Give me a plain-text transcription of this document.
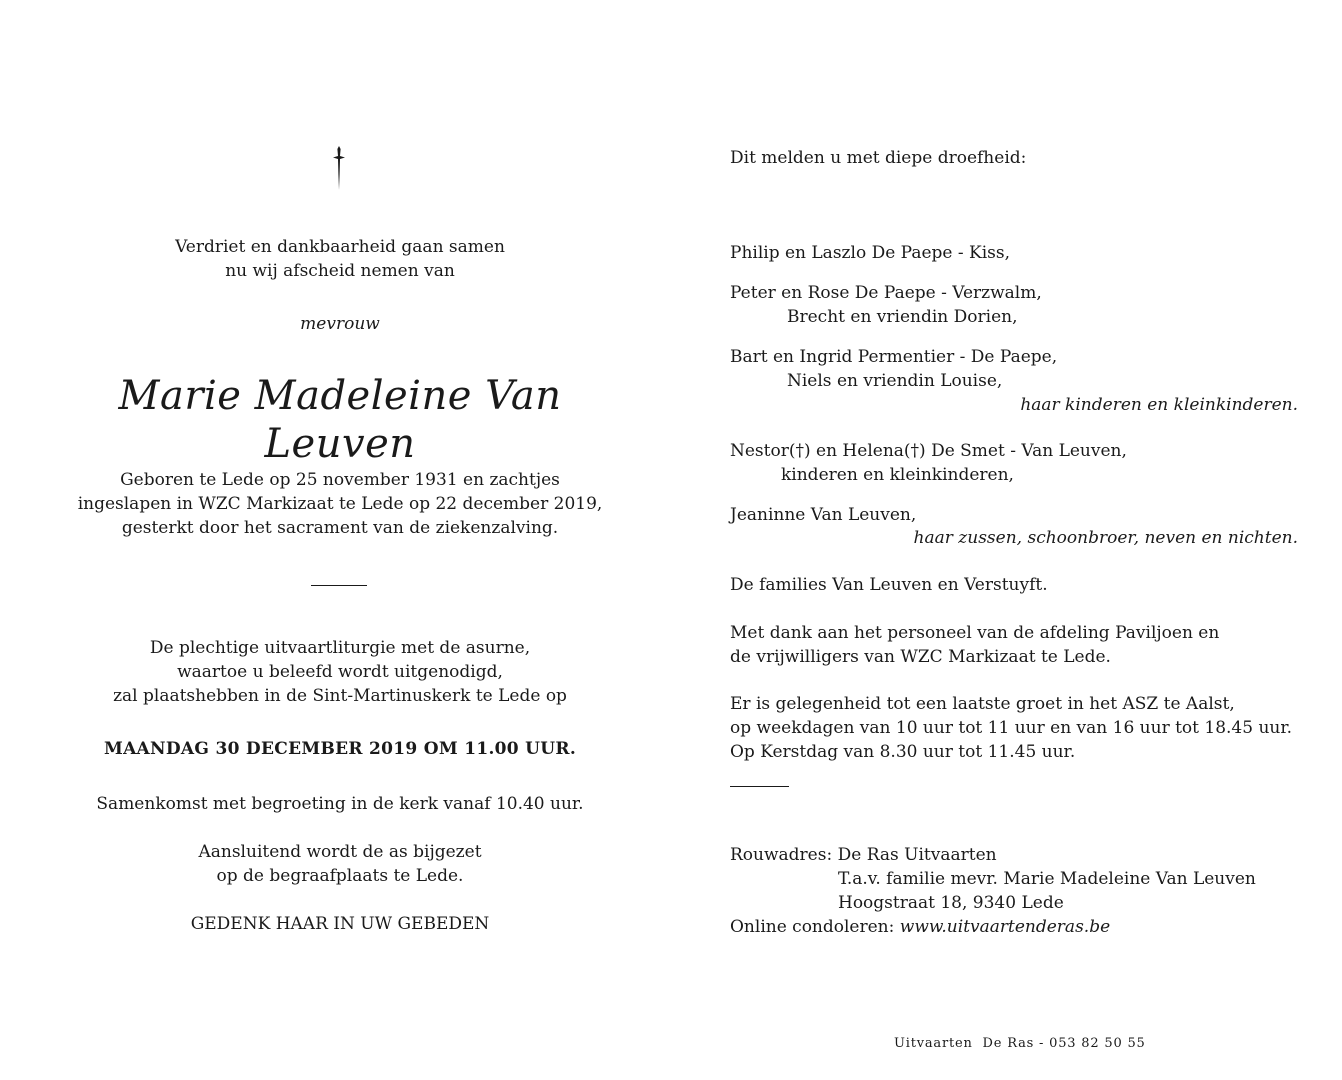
Verdriet en dankbaarheid gaan samen
nu wij afscheid nemen van
mevrouw
Marie Madeleine Van Leuven
Geboren te Lede op 25 november 1931 en zachtjes
ingeslapen in WZC Markizaat te Lede op 22 december 2019,
gesterkt door het sacrament van de ziekenzalving.
De plechtige uitvaartliturgie met de asurne,
waartoe u beleefd wordt uitgenodigd,
zal plaatshebben in de Sint-Martinuskerk te Lede op
MAANDAG 30 DECEMBER 2019 OM 11.00 UUR.
Samenkomst met begroeting in de kerk vanaf 10.40 uur.
Aansluitend wordt de as bijgezet
op de begraafplaats te Lede.
GEDENK HAAR IN UW GEBEDEN
Dit melden u met diepe droefheid:
Philip en Laszlo De Paepe - Kiss,
Peter en Rose De Paepe - Verzwalm,
Brecht en vriendin Dorien,
Bart en Ingrid Permentier - De Paepe,
Niels en vriendin Louise,
haar kinderen en kleinkinderen.
Nestor(†) en Helena(†) De Smet - Van Leuven,
kinderen en kleinkinderen,
Jeaninne Van Leuven,
haar zussen, schoonbroer, neven en nichten.
De families Van Leuven en Verstuyft.
Met dank aan het personeel van de afdeling Paviljoen en
de vrijwilligers van WZC Markizaat te Lede.
Er is gelegenheid tot een laatste groet in het ASZ te Aalst,
op weekdagen van 10 uur tot 11 uur en van 16 uur tot 18.45 uur.
Op Kerstdag van 8.30 uur tot 11.45 uur.
Rouwadres: De Ras Uitvaarten
T.a.v. familie mevr. Marie Madeleine Van Leuven
Hoogstraat 18, 9340 Lede
Online condoleren: www.uitvaartenderas.be
Uitvaarten  De Ras - 053 82 50 55
